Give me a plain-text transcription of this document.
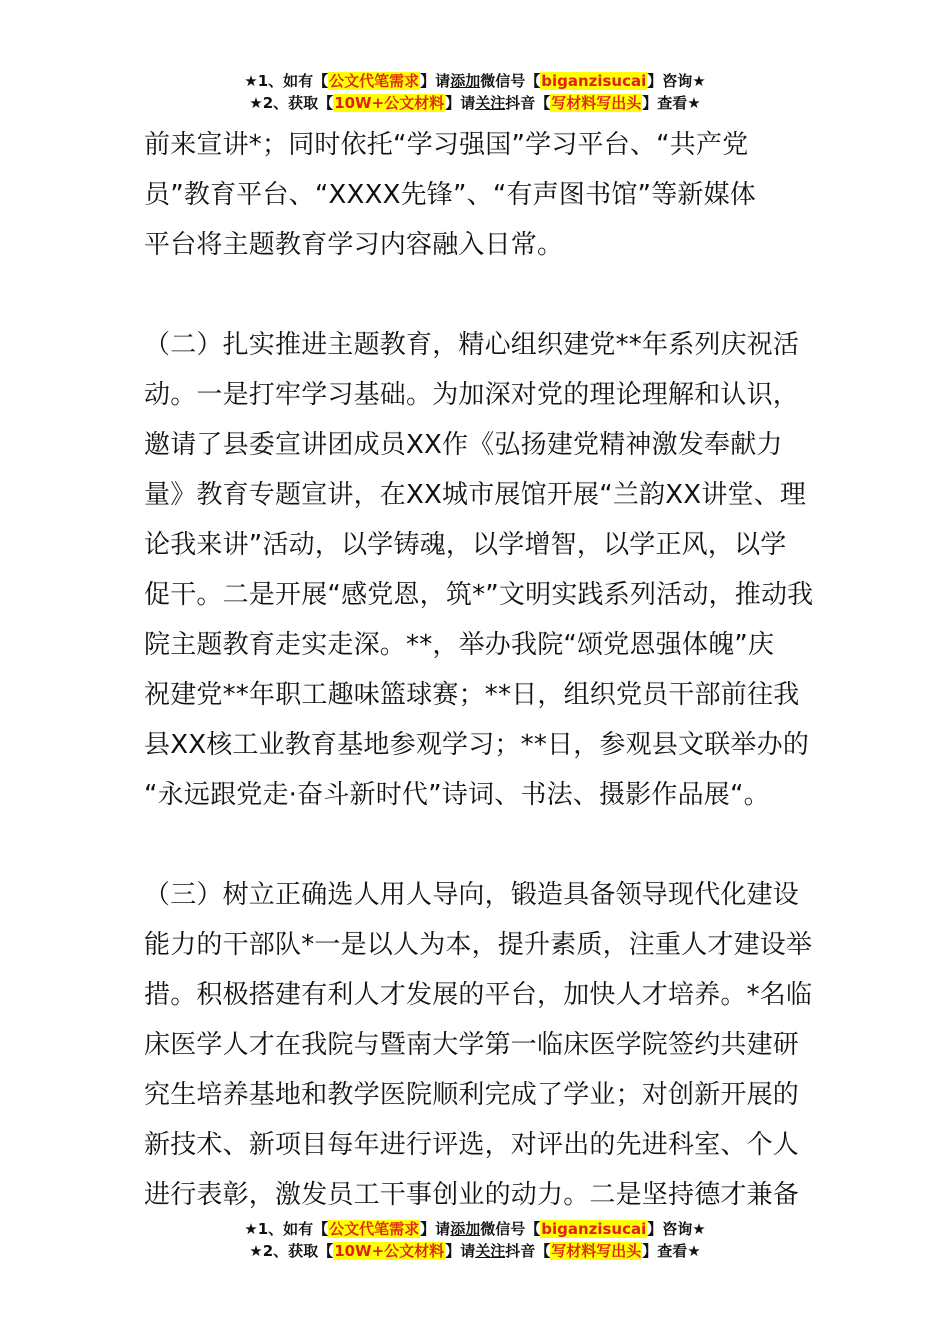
★1、如有【公文代笔需求】请添加微信号【biganzisucai】咨询★
★2、获取【10W+公文材料】请关注抖音【写材料写出头】查看★
前来宣讲*；同时依托“学习强国”学习平台、“共产党
员”教育平台、“XXXX先锋”、“有声图书馆”等新媒体
平台将主题教育学习内容融入日常。
（二）扎实推进主题教育，精心组织建党**年系列庆祝活
动。一是打牢学习基础。为加深对党的理论理解和认识，
邀请了县委宣讲团成员XX作《弘扬建党精神激发奉献力
量》教育专题宣讲，在XX城市展馆开展“兰韵XX讲堂、理
论我来讲”活动，以学铸魂，以学增智，以学正风，以学
促干。二是开展“感党恩，筑*”文明实践系列活动，推动我
院主题教育走实走深。**，举办我院“颂党恩强体魄”庆
祝建党**年职工趣味篮球赛；**日，组织党员干部前往我
县XX核工业教育基地参观学习；**日，参观县文联举办的
“永远跟党走·奋斗新时代”诗词、书法、摄影作品展“。
（三）树立正确选人用人导向，锻造具备领导现代化建设
能力的干部队*一是以人为本，提升素质，注重人才建设举
措。积极搭建有利人才发展的平台，加快人才培养。*名临
床医学人才在我院与暨南大学第一临床医学院签约共建研
究生培养基地和教学医院顺利完成了学业；对创新开展的
新技术、新项目每年进行评选，对评出的先进科室、个人
进行表彰，激发员工干事创业的动力。二是坚持德才兼备
★1、如有【公文代笔需求】请添加微信号【biganzisucai】咨询★
★2、获取【10W+公文材料】请关注抖音【写材料写出头】查看★
